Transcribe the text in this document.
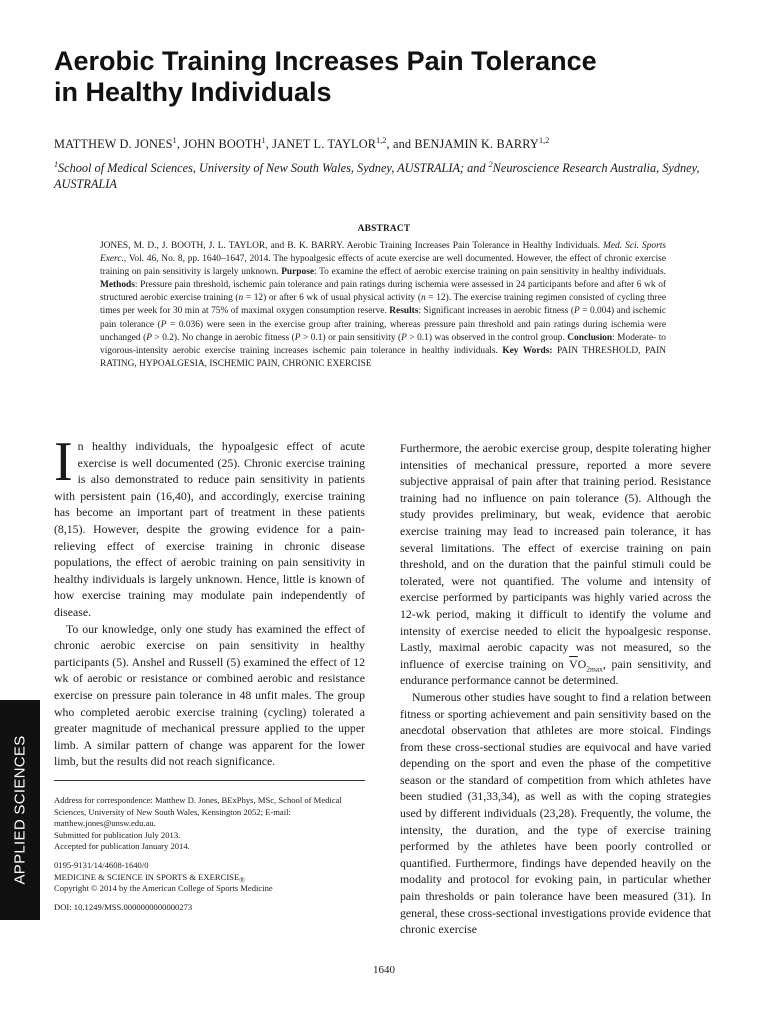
Aerobic Training Increases Pain Tolerance
in Healthy Individuals
MATTHEW D. JONES$^1$, JOHN BOOTH$^1$, JANET L. TAYLOR$^{1,2}$, and BENJAMIN K. BARRY$^{1,2}$
$^1$School of Medical Sciences, University of New South Wales, Sydney, AUSTRALIA; and $^2$Neuroscience Research Australia, Sydney, AUSTRALIA
ABSTRACT
JONES, M. D., J. BOOTH, J. L. TAYLOR, and B. K. BARRY. Aerobic Training Increases Pain Tolerance in Healthy Individuals. Med. Sci. Sports Exerc., Vol. 46, No. 8, pp. 1640–1647, 2014. The hypoalgesic effects of acute exercise are well documented. However, the effect of chronic exercise training on pain sensitivity is largely unknown. Purpose: To examine the effect of aerobic exercise training on pain sensitivity in healthy individuals. Methods: Pressure pain threshold, ischemic pain tolerance and pain ratings during ischemia were assessed in 24 participants before and after 6 wk of structured aerobic exercise training (n = 12) or after 6 wk of usual physical activity (n = 12). The exercise training regimen consisted of cycling three times per week for 30 min at 75% of maximal oxygen consumption reserve. Results: Significant increases in aerobic fitness (P = 0.004) and ischemic pain tolerance (P = 0.036) were seen in the exercise group after training, whereas pressure pain threshold and pain ratings during ischemia were unchanged (P > 0.2). No change in aerobic fitness (P > 0.1) or pain sensitivity (P > 0.1) was observed in the control group. Conclusion: Moderate- to vigorous-intensity aerobic exercise training increases ischemic pain tolerance in healthy individuals. Key Words: PAIN THRESHOLD, PAIN RATING, HYPOALGESIA, ISCHEMIC PAIN, CHRONIC EXERCISE

In healthy individuals, the hypoalgesic effect of acute exercise is well documented (25). Chronic exercise training is also demonstrated to reduce pain sensitivity in patients with persistent pain (16,40), and accordingly, exercise training has become an important part of treatment in these patients (8,15). However, despite the growing evidence for a pain-relieving effect of exercise training in chronic disease populations, the effect of aerobic training on pain sensitivity in healthy individuals is largely unknown. Hence, little is known of how exercise training may modulate pain independently of disease.

To our knowledge, only one study has examined the effect of chronic aerobic exercise on pain sensitivity in healthy participants (5). Anshel and Russell (5) examined the effect of 12 wk of aerobic or resistance or combined aerobic and resistance exercise on pressure pain tolerance in 48 unfit males. The group who completed aerobic exercise training (cycling) tolerated a greater magnitude of mechanical pressure applied to the upper limb. A similar pattern of change was apparent for the lower limb, but the results did not reach significance.

Address for correspondence: Matthew D. Jones, BExPhys, MSc, School of Medical Sciences, University of New South Wales, Kensington 2052; E-mail: matthew.jones@unsw.edu.au.
Submitted for publication July 2013.
Accepted for publication January 2014.
0195-9131/14/4608-1640/0
MEDICINE & SCIENCE IN SPORTS & $EXERCISE_®$
Copyright © 2014 by the American College of Sports Medicine
DOI: 10.1249/MSS.0000000000000273

Furthermore, the aerobic exercise group, despite tolerating higher intensities of mechanical pressure, reported a more severe subjective appraisal of pain after that training period. Resistance training had no influence on pain tolerance (5). Although the study provides preliminary, but weak, evidence that aerobic exercise training may lead to increased pain tolerance, it has several limitations. The effect of exercise training on pain threshold, and on the duration that the painful stimuli could be tolerated, were not quantified. The volume and intensity of exercise performed by participants was highly varied across the 12-wk period, making it difficult to identify the volume and intensity of exercise needed to elicit the hypoalgesic response. Lastly, maximal aerobic capacity was not measured, so the influence of exercise training on $\overline{V}O_{2max}$, pain sensitivity, and endurance performance cannot be determined.

Numerous other studies have sought to find a relation between fitness or sporting achievement and pain sensitivity based on the anecdotal observation that athletes are more stoical. Findings from these cross-sectional studies are equivocal and have varied depending on the sport and even the phase of the competitive season or the standard of competition from which athletes have been studied (31,33,34), as well as with the coping strategies used by different individuals (23,28). Frequently, the volume, the intensity, the duration, and the type of exercise training performed by the athletes have been poorly controlled or quantified. Furthermore, findings have depended heavily on the modality and protocol for evoking pain, in particular whether pain thresholds or pain tolerance have been measured (31). In general, these cross-sectional investigations provide evidence that chronic exercise

APPLIED SCIENCES
1640
